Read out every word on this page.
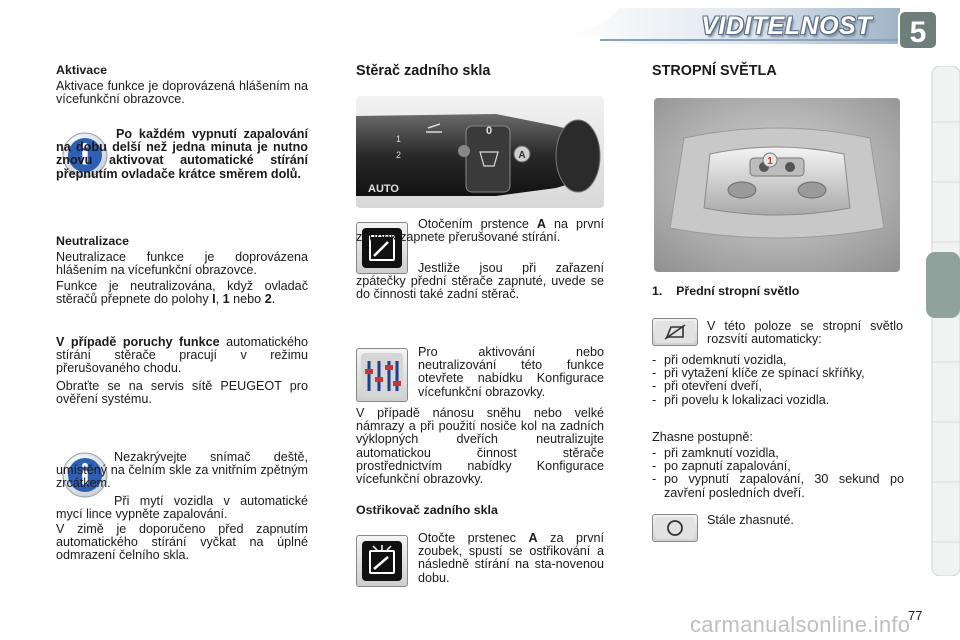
VIDITELNOST 5
Aktivace

Aktivace funkce je doprovázená hlášením na vícefunkční obrazovce.

Po každém vypnutí zapalování na dobu delší než jedna minuta je nutno znovu aktivovat automatické stírání přepnutím ovladače krátce směrem dolů.

Neutralizace

Neutralizace funkce je doprovázena hlášením na vícefunkční obrazovce.

Funkce je neutralizována, když ovladač stěračů přepnete do polohy I, 1 nebo 2.

V případě poruchy funkce automatického stírání stěrače pracují v režimu přerušovaného chodu.

Obraťte se na servis sítě PEUGEOT pro ověření systému.

Nezakrývejte snímač deště, umístěný na čelním skle za vnitřním zpětným zrcátkem.

Při mytí vozidla v automatické mycí lince vypněte zapalování.

V zimě je doporučeno před zapnutím automatického stírání vyčkat na úplné odmrazení čelního skla.

Stěrač zadního skla
AUTO
0
1
2	A

Otočením prstence A na první zoubek zapnete přerušované stírání.

Jestliže jsou při zařazení zpátečky přední stěrače zapnuté, uvede se do činnosti také zadní stěrač.

Pro aktivování nebo neutralizování této funkce otevřete nabídku Konfigurace vícefunkční obrazovky.

V případě nánosu sněhu nebo velké námrazy a při použití nosiče kol na zadních výklopných dveřích neutralizujte automatickou činnost stěrače prostřednictvím nabídky Konfigurace vícefunkční obrazovky.

Ostřikovač zadního skla

Otočte prstenec A za první zoubek, spustí se ostřikování a následně stírání na sta-novenou dobu.

STROPNÍ SVĚTLA
1
1. Přední stropní světlo

V této poloze se stropní světlo rozsvítí automaticky:

- při odemknutí vozidla,
- při vytažení klíče ze spínací skříňky,
- při otevření dveří,
- při povelu k lokalizaci vozidla.

Zhasne postupně:

- při zamknutí vozidla,
- po zapnutí zapalování,
- po vypnutí zapalování, 30 sekund po zavření posledních dveří.

Stále zhasnuté.

77
carmanualsonline.info
